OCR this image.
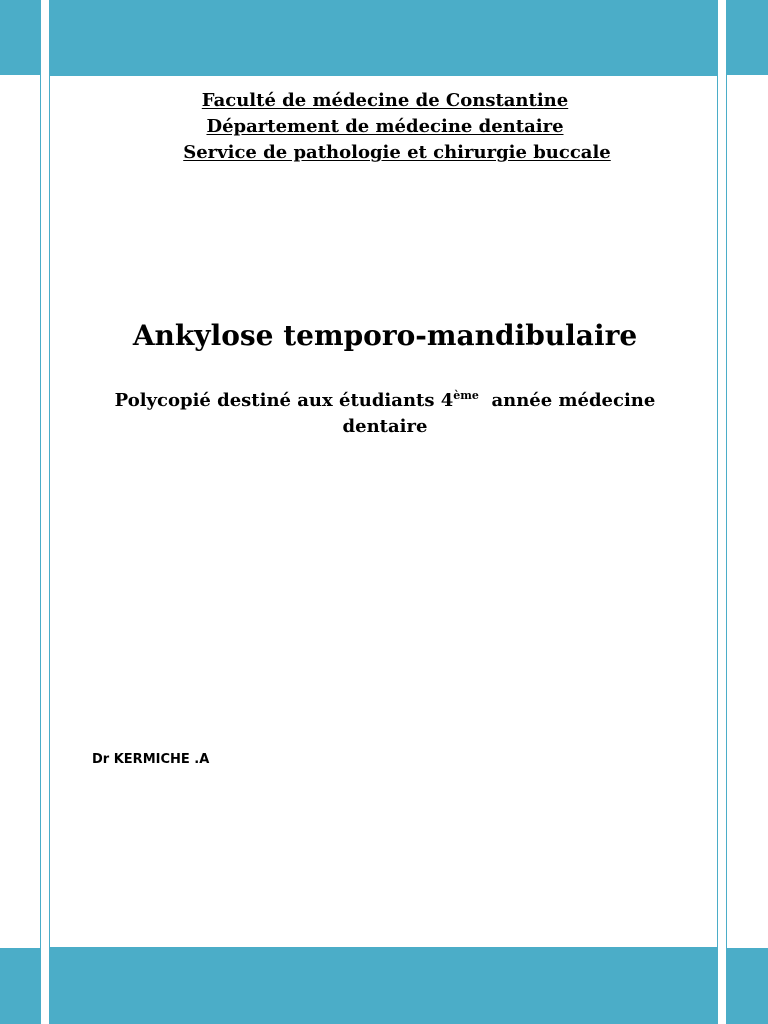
Faculté de médecine de Constantine
Département de médecine dentaire
Service de pathologie et chirurgie buccale
Ankylose temporo-mandibulaire
Polycopié destiné aux étudiants 4ème  année médecine
dentaire
Dr KERMICHE .A
